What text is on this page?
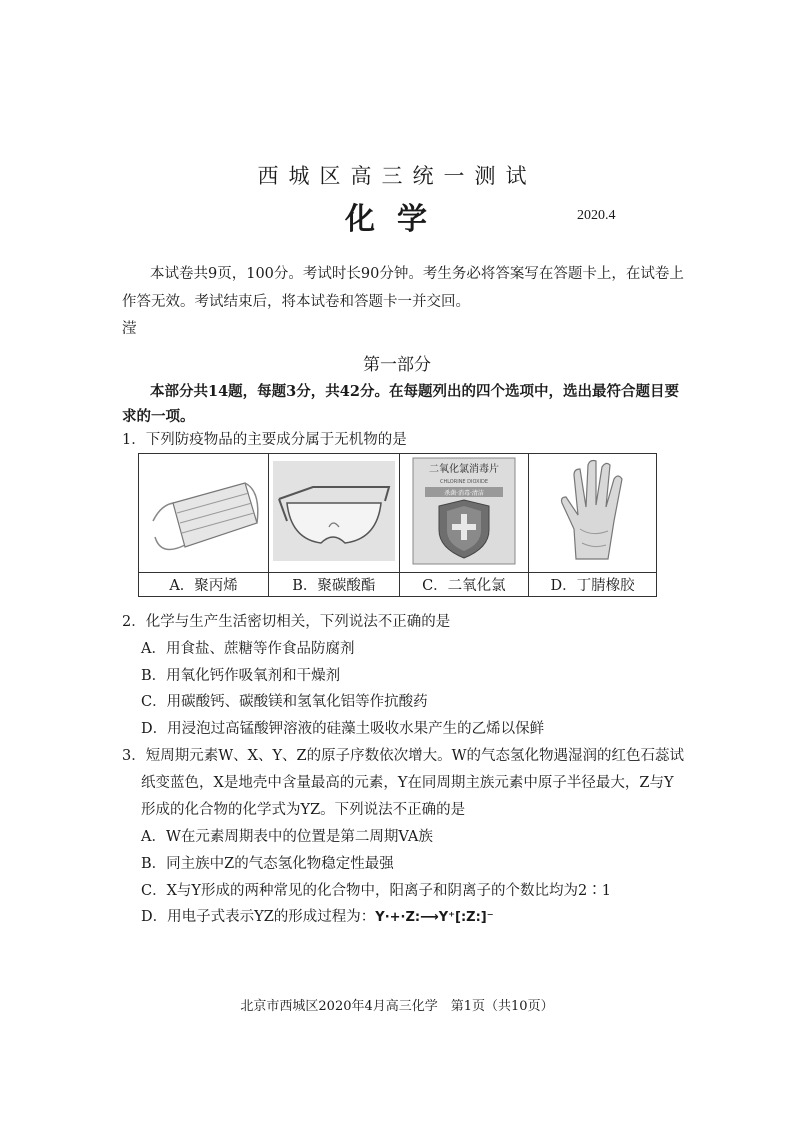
西城区高三统一测试
化学	2020.4
本试卷共9页，100分。考试时长90分钟。考生务必将答案写在答题卡上，在试卷上
作答无效。考试结束后，将本试卷和答题卡一并交回。
滢
第一部分
本部分共14题，每题3分，共42分。在每题列出的四个选项中，选出最符合题目要
求的一项。
1．下列防疫物品的主要成分属于无机物的是

二氧化氯消毒片
CHLORINE DIOXIDE
杀菌·消毒·清洁

A．聚丙烯	B．聚碳酸酯	C．二氧化氯	D．丁腈橡胶
2．化学与生产生活密切相关，下列说法不正确的是
A．用食盐、蔗糖等作食品防腐剂
B．用氧化钙作吸氧剂和干燥剂
C．用碳酸钙、碳酸镁和氢氧化铝等作抗酸药
D．用浸泡过高锰酸钾溶液的硅藻土吸收水果产生的乙烯以保鲜
3．短周期元素W、X、Y、Z的原子序数依次增大。W的气态氢化物遇湿润的红色石蕊试
纸变蓝色，X是地壳中含量最高的元素，Y在同周期主族元素中原子半径最大，Z与Y
形成的化合物的化学式为YZ。下列说法不正确的是
A．W在元素周期表中的位置是第二周期VA族
B．同主族中Z的气态氢化物稳定性最强
C．X与Y形成的两种常见的化合物中，阳离子和阴离子的个数比均为2∶1
D．用电子式表示YZ的形成过程为：Y·+·Z:⟶Y⁺[:Z:]⁻
北京市西城区2020年4月高三化学　第1页（共10页）
